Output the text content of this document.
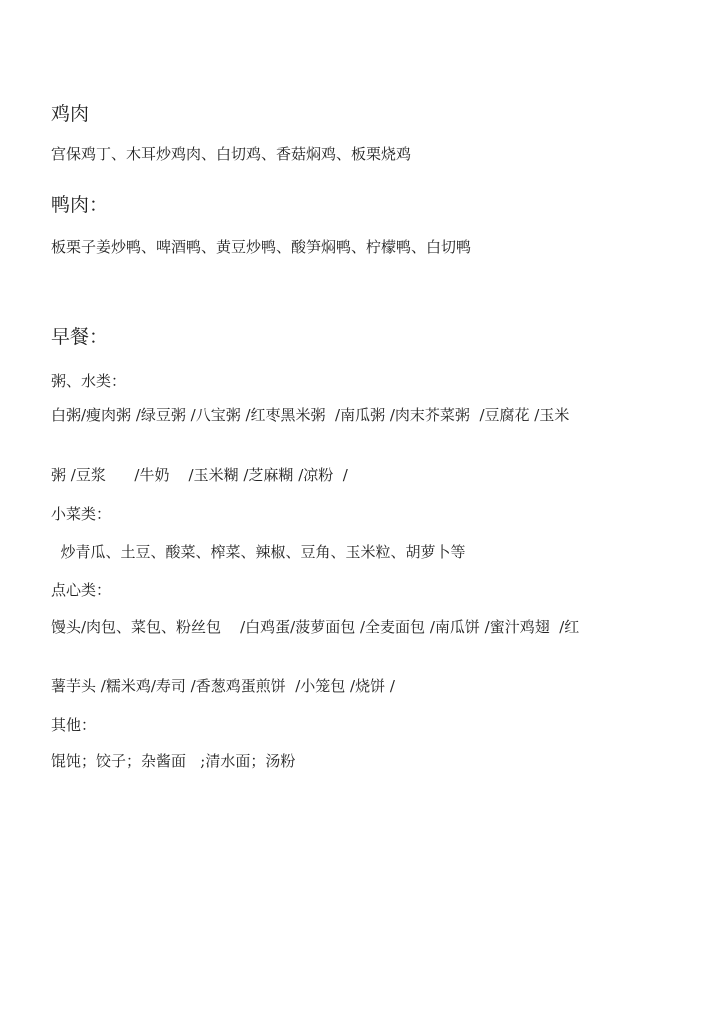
鸡肉
宫保鸡丁、木耳炒鸡肉、白切鸡、香菇焖鸡、板栗烧鸡
鸭肉：
板栗子姜炒鸭、啤酒鸭、黄豆炒鸭、酸笋焖鸭、柠檬鸭、白切鸭
早餐：
粥、水类：
白粥/瘦肉粥 /绿豆粥 /八宝粥 /红枣黑米粥  /南瓜粥 /肉末芥菜粥  /豆腐花 /玉米
粥 /豆浆      /牛奶    /玉米糊 /芝麻糊 /凉粉  /
小菜类：
炒青瓜、土豆、酸菜、榨菜、辣椒、豆角、玉米粒、胡萝卜等
点心类：
馒头/肉包、菜包、粉丝包    /白鸡蛋/菠萝面包 /全麦面包 /南瓜饼 /蜜汁鸡翅  /红
薯芋头 /糯米鸡/寿司 /香葱鸡蛋煎饼  /小笼包 /烧饼 /
其他：
馄饨；饺子；杂酱面   ;清水面；汤粉
